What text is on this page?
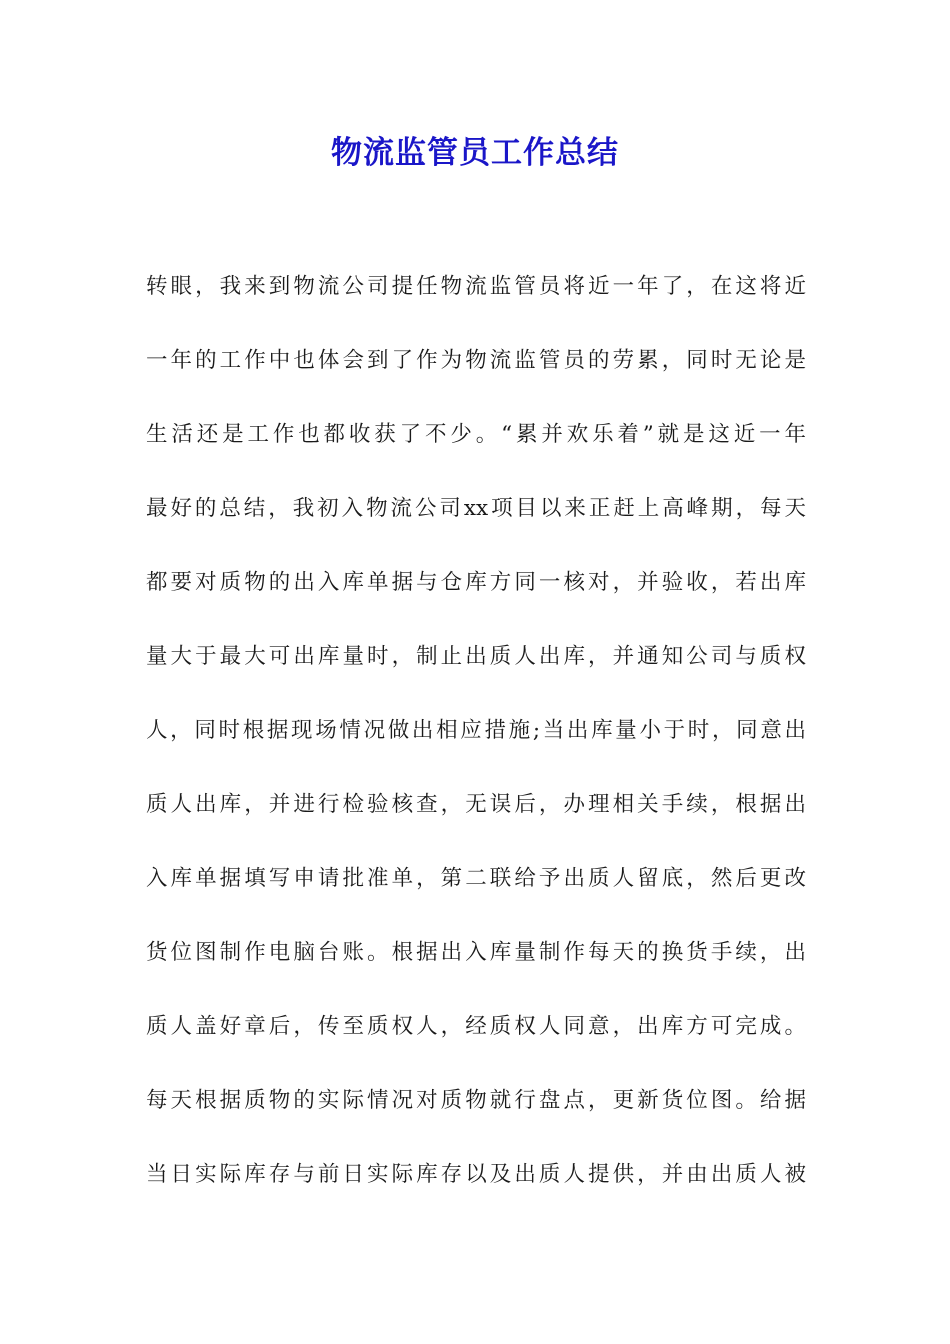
物流监管员工作总结
转眼，我来到物流公司提任物流监管员将近一年了，在这将近
一年的工作中也体会到了作为物流监管员的劳累，同时无论是
生活还是工作也都收获了不少。“累并欢乐着”就是这近一年
最好的总结，我初入物流公司xx项目以来正赶上高峰期，每天
都要对质物的出入库单据与仓库方同一核对，并验收，若出库
量大于最大可出库量时，制止出质人出库，并通知公司与质权
人，同时根据现场情况做出相应措施;当出库量小于时，同意出
质人出库，并进行检验核查，无误后，办理相关手续，根据出
入库单据填写申请批准单，第二联给予出质人留底，然后更改
货位图制作电脑台账。根据出入库量制作每天的换货手续，出
质人盖好章后，传至质权人，经质权人同意，出库方可完成。
每天根据质物的实际情况对质物就行盘点，更新货位图。给据
当日实际库存与前日实际库存以及出质人提供，并由出质人被
